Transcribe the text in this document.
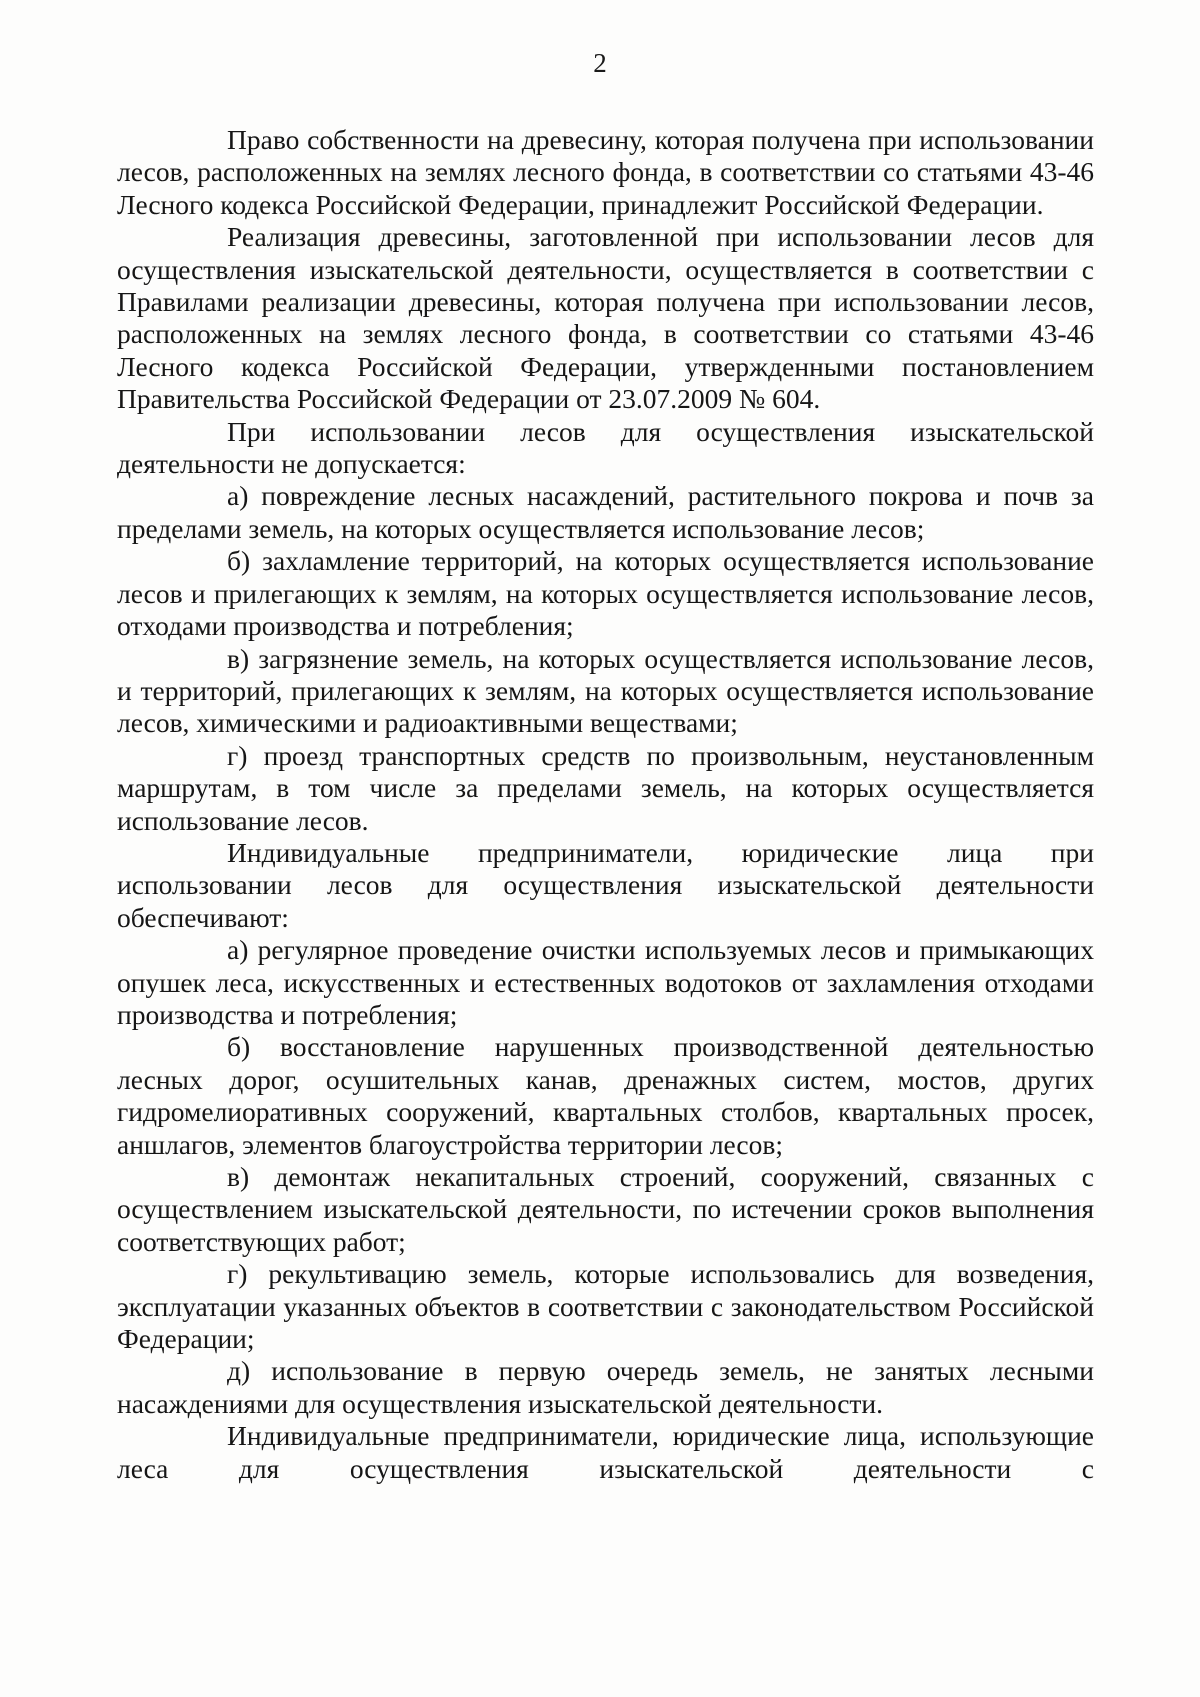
2

Право собственности на древесину, которая получена при использовании лесов, расположенных на землях лесного фонда, в соответствии со статьями 43-46 Лесного кодекса Российской Федерации, принадлежит Российской Федерации.

Реализация древесины, заготовленной при использовании лесов для осуществления изыскательской деятельности, осуществляется в соответствии с Правилами реализации древесины, которая получена при использовании лесов, расположенных на землях лесного фонда, в соответствии со статьями 43-46 Лесного кодекса Российской Федерации, утвержденными постановлением Правительства Российской Федерации от 23.07.2009 № 604.

При использовании лесов для осуществления изыскательской деятельности не допускается:

а) повреждение лесных насаждений, растительного покрова и почв за пределами земель, на которых осуществляется использование лесов;

б) захламление территорий, на которых осуществляется использование лесов и прилегающих к землям, на которых осуществляется использование лесов, отходами производства и потребления;

в) загрязнение земель, на которых осуществляется использование лесов, и территорий, прилегающих к землям, на которых осуществляется использование лесов, химическими и радиоактивными веществами;

г) проезд транспортных средств по произвольным, неустановленным маршрутам, в том числе за пределами земель, на которых осуществляется использование лесов.

Индивидуальные предприниматели, юридические лица при использовании лесов для осуществления изыскательской деятельности обеспечивают:

а) регулярное проведение очистки используемых лесов и примыкающих опушек леса, искусственных и естественных водотоков от захламления отходами производства и потребления;

б) восстановление нарушенных производственной деятельностью лесных дорог, осушительных канав, дренажных систем, мостов, других гидромелиоративных сооружений, квартальных столбов, квартальных просек, аншлагов, элементов благоустройства территории лесов;

в) демонтаж некапитальных строений, сооружений, связанных с осуществлением изыскательской деятельности, по истечении сроков выполнения соответствующих работ;

г) рекультивацию земель, которые использовались для возведения, эксплуатации указанных объектов в соответствии с законодательством Российской Федерации;

д) использование в первую очередь земель, не занятых лесными насаждениями для осуществления изыскательской деятельности.

Индивидуальные предприниматели, юридические лица, использующие леса для осуществления изыскательской деятельности с
